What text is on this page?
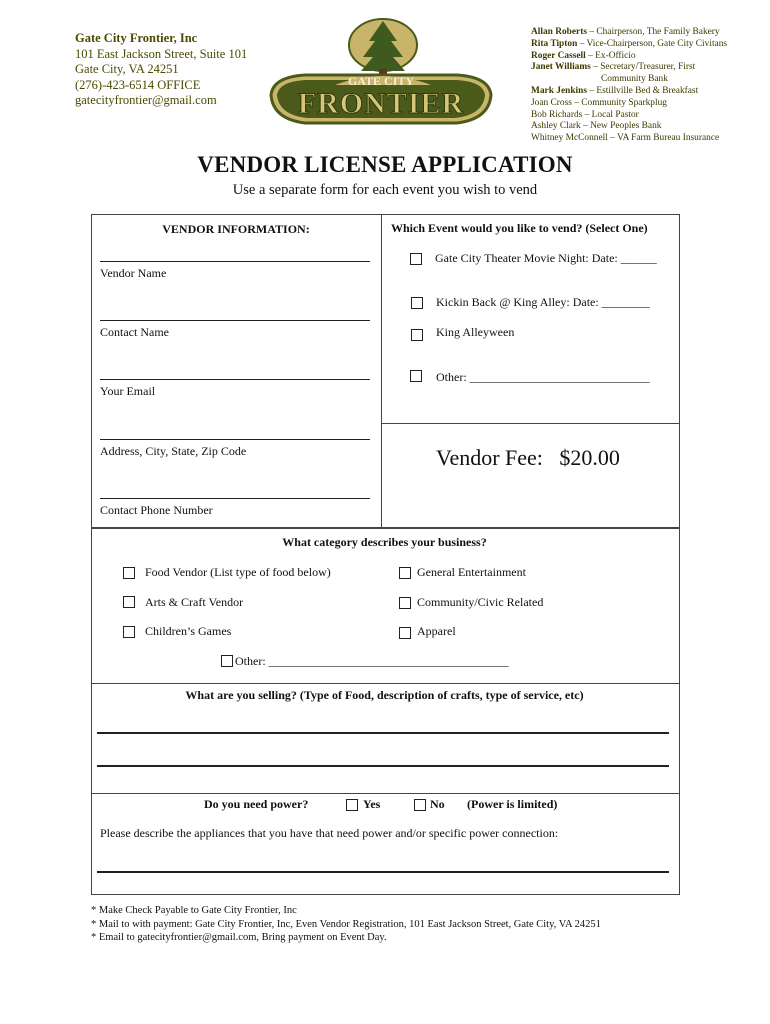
Gate City Frontier, Inc
101 East Jackson Street, Suite 101
Gate City, VA 24251
(276)-423-6514 OFFICE
gatecityfrontier@gmail.com
GATE CITY
FRONTIER
Allan Roberts – Chairperson, The Family Bakery
Rita Tipton – Vice-Chairperson, Gate City Civitans
Roger Cassell – Ex-Officio
Janet Williams – Secretary/Treasurer, First
Community Bank
Mark Jenkins – Estillville Bed & Breakfast
Joan Cross – Community Sparkplug
Bob Richards – Local Pastor
Ashley Clark – New Peoples Bank
Whitney McConnell – VA Farm Bureau Insurance
VENDOR LICENSE APPLICATION
Use a separate form for each event you wish to vend
VENDOR INFORMATION:
Vendor Name
Contact Name
Your Email
Address, City, State, Zip Code
Contact Phone Number
Which Event would you like to vend? (Select One)
Gate City Theater Movie Night: Date: ______
Kickin Back @ King Alley: Date: ________
King Alleyween
Other: ______________________________
Vendor Fee: $20.00
What category describes your business?
Food Vendor (List type of food below)
Arts & Craft Vendor
Children’s Games
General Entertainment
Community/Civic Related
Apparel
Other: ________________________________________
What are you selling? (Type of Food, description of crafts, type of service, etc)
Do you need power?	Yes	No (Power is limited)
Please describe the appliances that you have that need power and/or specific power connection:
* Make Check Payable to Gate City Frontier, Inc
* Mail to with payment: Gate City Frontier, Inc, Even Vendor Registration, 101 East Jackson Street, Gate City, VA 24251
* Email to gatecityfrontier@gmail.com, Bring payment on Event Day.
